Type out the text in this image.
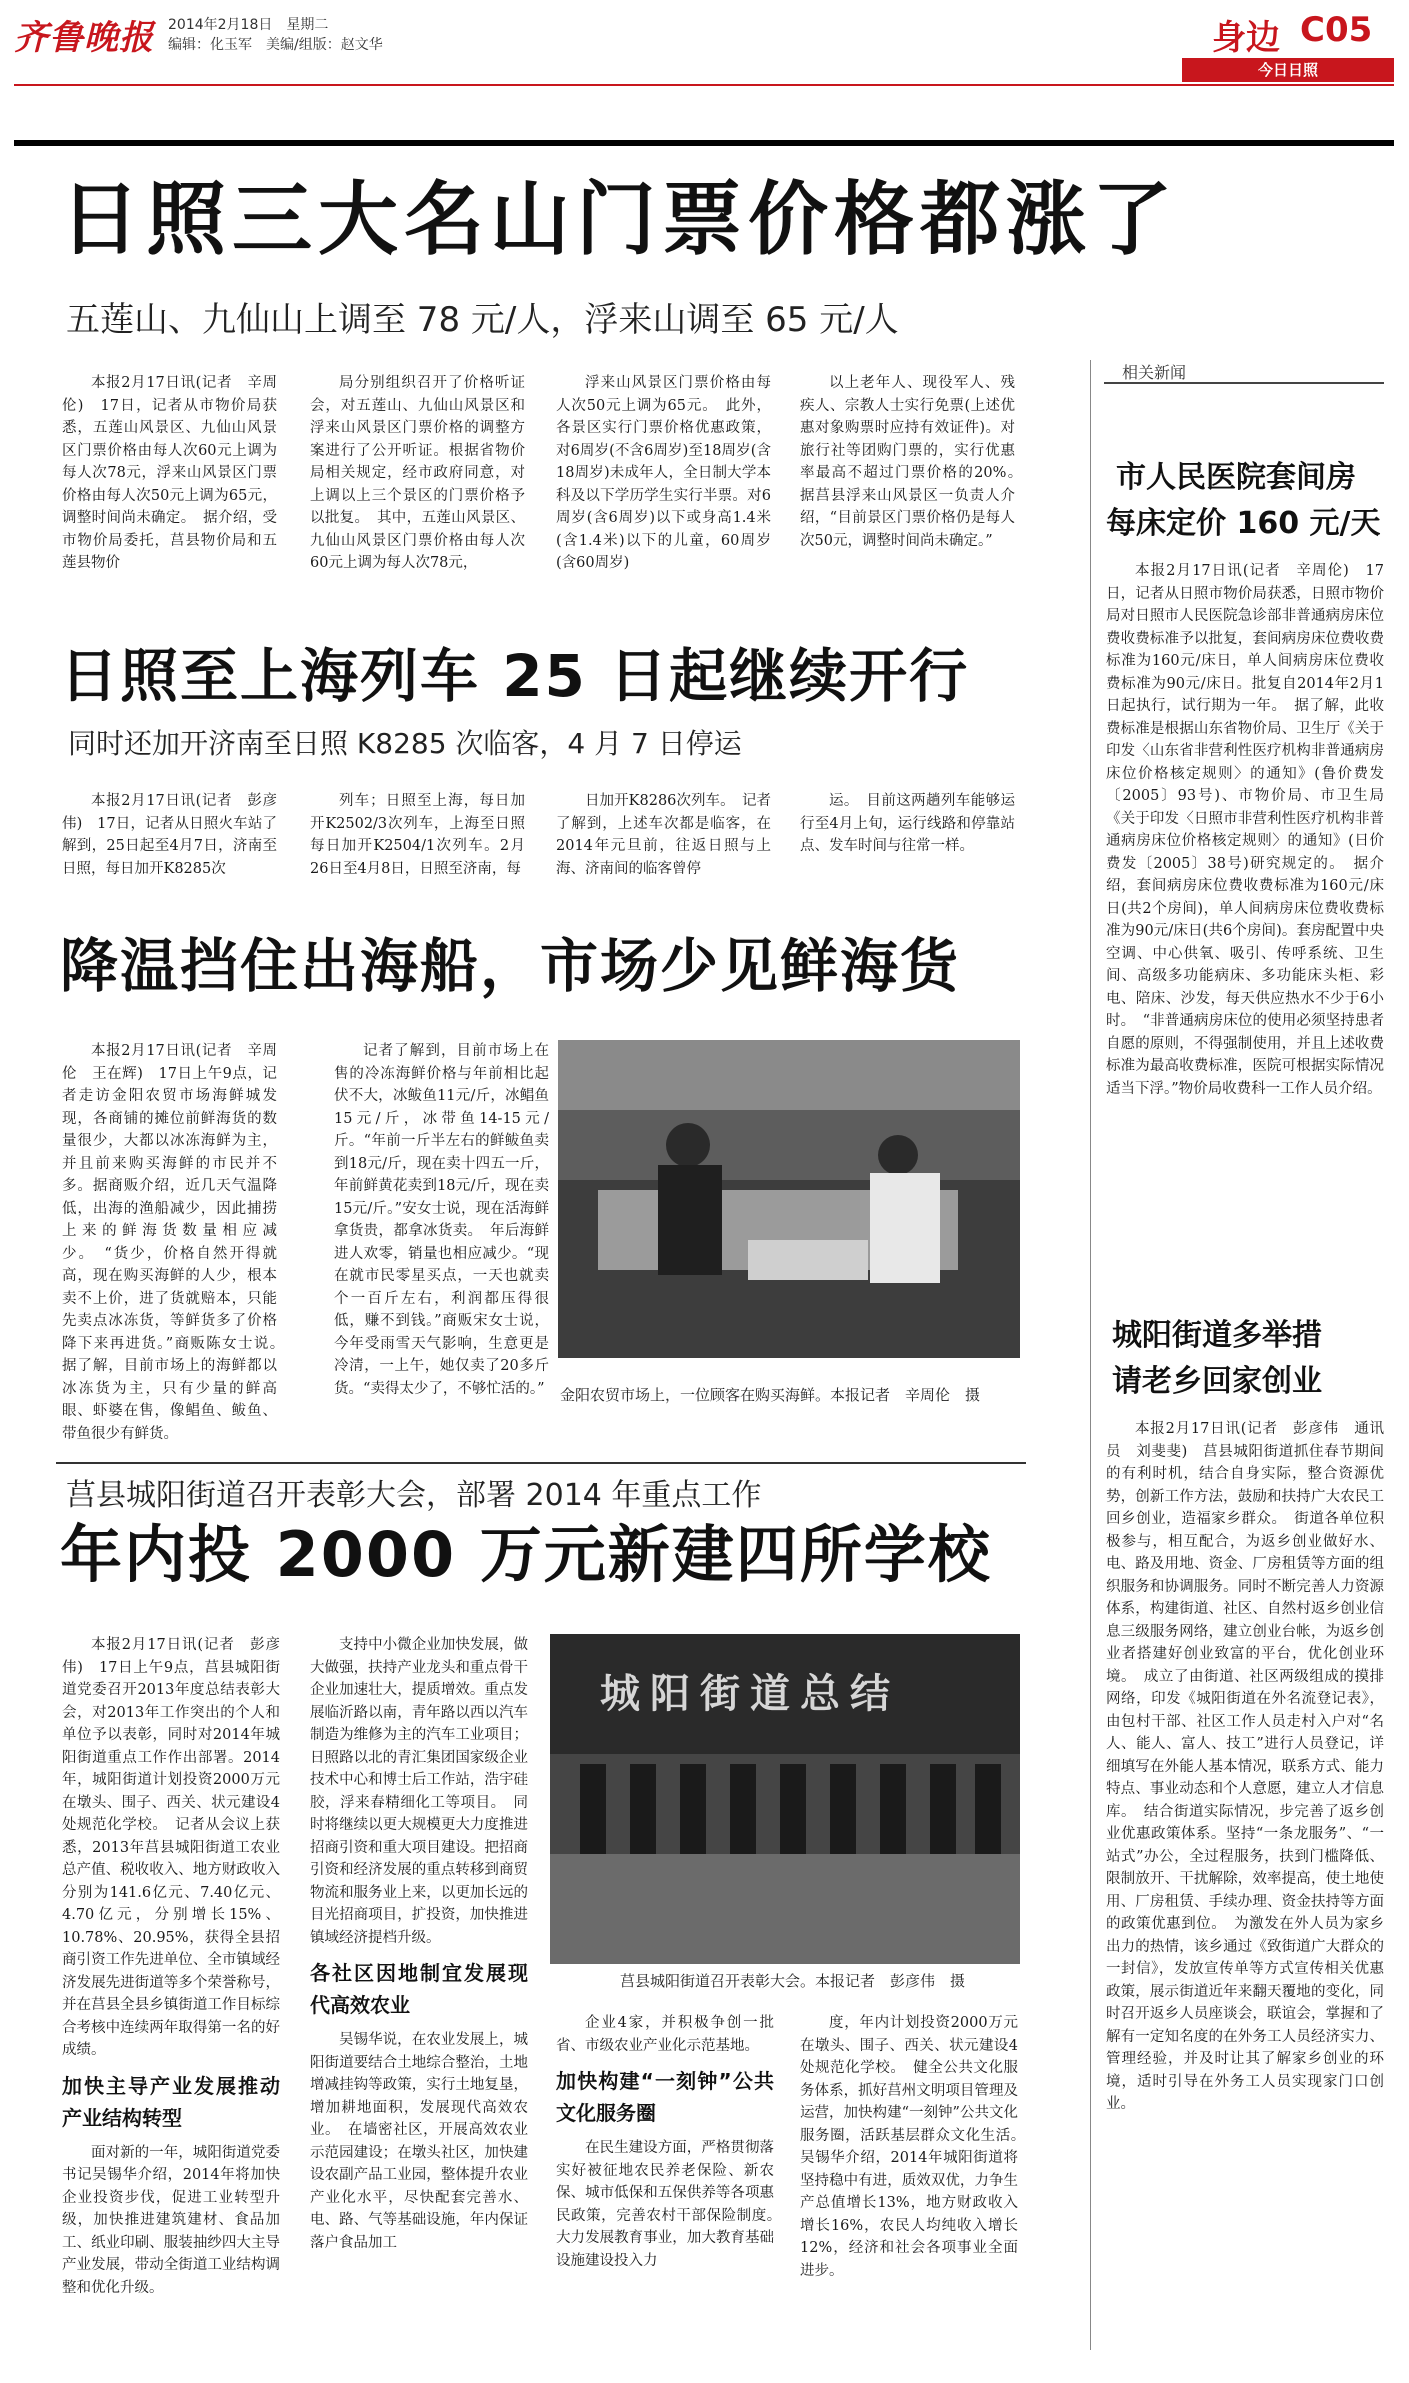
齐鲁晚报 2014年2月18日　星期二
编辑：化玉军　美编/组版：赵文华	身边 C05
今日日照
日照三大名山门票价格都涨了
五莲山、九仙山上调至 78 元/人，浮来山调至 65 元/人

本报2月17日讯(记者　辛周伦)　17日，记者从市物价局获悉，五莲山风景区、九仙山风景区门票价格由每人次60元上调为每人次78元，浮来山风景区门票价格由每人次50元上调为65元，调整时间尚未确定。　据介绍，受市物价局委托，莒县物价局和五莲县物价

局分别组织召开了价格听证会，对五莲山、九仙山风景区和浮来山风景区门票价格的调整方案进行了公开听证。根据省物价局相关规定，经市政府同意，对上调以上三个景区的门票价格予以批复。　其中，五莲山风景区、九仙山风景区门票价格由每人次60元上调为每人次78元，

浮来山风景区门票价格由每人次50元上调为65元。　此外，各景区实行门票价格优惠政策，对6周岁(不含6周岁)至18周岁(含18周岁)未成年人，全日制大学本科及以下学历学生实行半票。对6周岁(含6周岁)以下或身高1.4米(含1.4米)以下的儿童，60周岁(含60周岁)

以上老年人、现役军人、残疾人、宗教人士实行免票(上述优惠对象购票时应持有效证件)。对旅行社等团购门票的，实行优惠率最高不超过门票价格的20%。　据莒县浮来山风景区一负责人介绍，“目前景区门票价格仍是每人次50元，调整时间尚未确定。”

日照至上海列车 25 日起继续开行
同时还加开济南至日照 K8285 次临客，4 月 7 日停运

本报2月17日讯(记者　彭彦伟)　17日，记者从日照火车站了解到，25日起至4月7日，济南至日照，每日加开K8285次

列车；日照至上海，每日加开K2502/3次列车，上海至日照每日加开K2504/1次列车。2月26日至4月8日，日照至济南，每

日加开K8286次列车。　记者了解到，上述车次都是临客，在2014年元旦前，往返日照与上海、济南间的临客曾停

运。　目前这两趟列车能够运行至4月上旬，运行线路和停靠站点、发车时间与往常一样。

降温挡住出海船，市场少见鲜海货

本报2月17日讯(记者　辛周伦　王在辉)　17日上午9点，记者走访金阳农贸市场海鲜城发现，各商铺的摊位前鲜海货的数量很少，大都以冰冻海鲜为主，并且前来购买海鲜的市民并不多。据商贩介绍，近几天气温降低，出海的渔船减少，因此捕捞上来的鲜海货数量相应减少。　“货少，价格自然开得就高，现在购买海鲜的人少，根本卖不上价，进了货就赔本，只能先卖点冰冻货，等鲜货多了价格降下来再进货。”商贩陈女士说。　据了解，目前市场上的海鲜都以冰冻货为主，只有少量的鲜高眼、虾婆在售，像鲳鱼、鲅鱼、带鱼很少有鲜货。

记者了解到，目前市场上在售的冷冻海鲜价格与年前相比起伏不大，冰鲅鱼11元/斤，冰鲳鱼15元/斤，冰带鱼14-15元/斤。“年前一斤半左右的鲜鲅鱼卖到18元/斤，现在卖十四五一斤，年前鲜黄花卖到18元/斤，现在卖15元/斤。”安女士说，现在活海鲜拿货贵，都拿冰货卖。　年后海鲜进人欢零，销量也相应减少。“现在就市民零星买点，一天也就卖个一百斤左右，利润都压得很低，赚不到钱。”商贩宋女士说，今年受雨雪天气影响，生意更是冷清，一上午，她仅卖了20多斤货。“卖得太少了，不够忙活的。” 金阳农贸市场上，一位顾客在购买海鲜。本报记者　辛周伦　摄
莒县城阳街道召开表彰大会，部署 2014 年重点工作
年内投 2000 万元新建四所学校

本报2月17日讯(记者　彭彦伟)　17日上午9点，莒县城阳街道党委召开2013年度总结表彰大会，对2013年工作突出的个人和单位予以表彰，同时对2014年城阳街道重点工作作出部署。2014年，城阳街道计划投资2000万元在墩头、围子、西关、状元建设4处规范化学校。　记者从会议上获悉，2013年莒县城阳街道工农业总产值、税收收入、地方财政收入分别为141.6亿元、7.40亿元、4.70亿元，分别增长15%、10.78%、20.95%，获得全县招商引资工作先进单位、全市镇域经济发展先进街道等多个荣誉称号，并在莒县全县乡镇街道工作目标综合考核中连续两年取得第一名的好成绩。

加快主导产业发展推动产业结构转型

面对新的一年，城阳街道党委书记吴锡华介绍，2014年将加快企业投资步伐，促进工业转型升级，加快推进建筑建材、食品加工、纸业印刷、服装抽纱四大主导产业发展，带动全街道工业结构调整和优化升级。

支持中小微企业加快发展，做大做强，扶持产业龙头和重点骨干企业加速壮大，提质增效。重点发展临沂路以南，青年路以西以汽车制造为维修为主的汽车工业项目；日照路以北的青汇集团国家级企业技术中心和博士后工作站，浩宇硅胶，浮来春精细化工等项目。　同时将继续以更大规模更大力度推进招商引资和重大项目建设。把招商引资和经济发展的重点转移到商贸物流和服务业上来，以更加长远的目光招商项目，扩投资，加快推进镇域经济提档升级。

各社区因地制宜发展现代高效农业

吴锡华说，在农业发展上，城阳街道要结合土地综合整治，土地增减挂钩等政策，实行土地复垦，增加耕地面积，发展现代高效农业。　在墙密社区，开展高效农业示范园建设；在墩头社区，加快建设农副产品工业园，整体提升农业产业化水平，尽快配套完善水、电、路、气等基础设施，年内保证落户食品加工

城阳街道总结
莒县城阳街道召开表彰大会。本报记者　彭彦伟　摄

企业4家，并积极争创一批省、市级农业产业化示范基地。

加快构建“一刻钟”公共文化服务圈

在民生建设方面，严格贯彻落实好被征地农民养老保险、新农保、城市低保和五保供养等各项惠民政策，完善农村干部保险制度。　大力发展教育事业，加大教育基础设施建设投入力

度，年内计划投资2000万元在墩头、围子、西关、状元建设4处规范化学校。　健全公共文化服务体系，抓好莒州文明项目管理及运营，加快构建“一刻钟”公共文化服务圈，活跃基层群众文化生活。　吴锡华介绍，2014年城阳街道将坚持稳中有进，质效双优，力争生产总值增长13%，地方财政收入增长16%，农民人均纯收入增长12%，经济和社会各项事业全面进步。

相关新闻
市人民医院套间房
每床定价 160 元/天

本报2月17日讯(记者　辛周伦)　17日，记者从日照市物价局获悉，日照市物价局对日照市人民医院急诊部非普通病房床位费收费标准予以批复，套间病房床位费收费标准为160元/床日，单人间病房床位费收费标准为90元/床日。批复自2014年2月1日起执行，试行期为一年。　据了解，此收费标准是根据山东省物价局、卫生厅《关于印发〈山东省非营利性医疗机构非普通病房床位价格核定规则〉的通知》(鲁价费发〔2005〕93号)、市物价局、市卫生局《关于印发〈日照市非营利性医疗机构非普通病房床位价格核定规则〉的通知》(日价费发〔2005〕38号)研究规定的。　据介绍，套间病房床位费收费标准为160元/床日(共2个房间)，单人间病房床位费收费标准为90元/床日(共6个房间)。套房配置中央空调、中心供氧、吸引、传呼系统、卫生间、高级多功能病床、多功能床头柜、彩电、陪床、沙发，每天供应热水不少于6小时。　“非普通病房床位的使用必须坚持患者自愿的原则，不得强制使用，并且上述收费标准为最高收费标准，医院可根据实际情况适当下浮。”物价局收费科一工作人员介绍。

城阳街道多举措
请老乡回家创业

本报2月17日讯(记者　彭彦伟　通讯员　刘斐斐)　莒县城阳街道抓住春节期间的有利时机，结合自身实际，整合资源优势，创新工作方法，鼓励和扶持广大农民工回乡创业，造福家乡群众。　街道各单位积极参与，相互配合，为返乡创业做好水、电、路及用地、资金、厂房租赁等方面的组织服务和协调服务。同时不断完善人力资源体系，构建街道、社区、自然村返乡创业信息三级服务网络，建立创业台帐，为返乡创业者搭建好创业致富的平台，优化创业环境。　成立了由街道、社区两级组成的摸排网络，印发《城阳街道在外名流登记表》，由包村干部、社区工作人员走村入户对“名人、能人、富人、技工”进行人员登记，详细填写在外能人基本情况，联系方式、能力特点、事业动态和个人意愿，建立人才信息库。　结合街道实际情况，步完善了返乡创业优惠政策体系。坚持“一条龙服务”、“一站式”办公，全过程服务，扶到门槛降低、限制放开、干扰解除，效率提高，使土地使用、厂房租赁、手续办理、资金扶持等方面的政策优惠到位。　为激发在外人员为家乡出力的热情，该乡通过《致街道广大群众的一封信》，发放宣传单等方式宣传相关优惠政策，展示街道近年来翻天覆地的变化，同时召开返乡人员座谈会，联谊会，掌握和了解有一定知名度的在外务工人员经济实力、管理经验，并及时让其了解家乡创业的环境，适时引导在外务工人员实现家门口创业。
